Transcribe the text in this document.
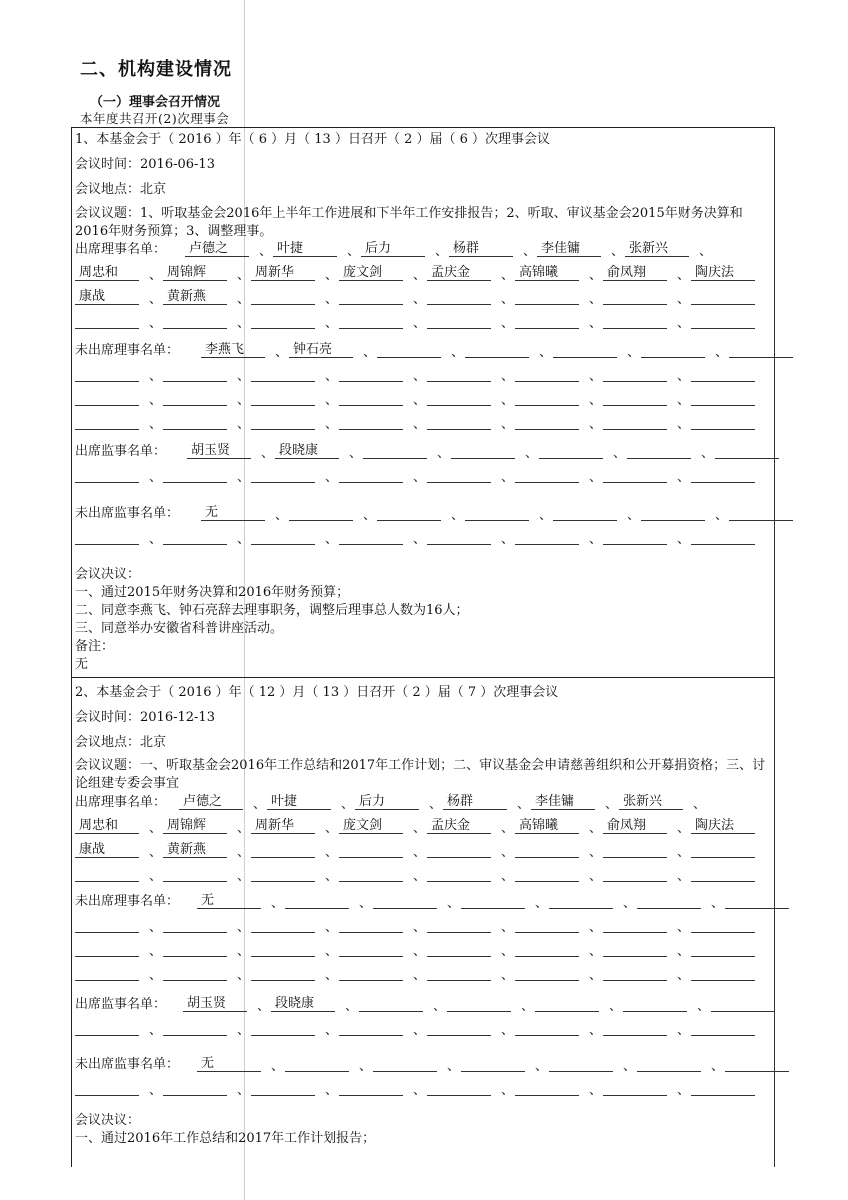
二、机构建设情况
（一）理事会召开情况
本年度共召开(2)次理事会
1、本基金会于（ 2016 ）年（ 6 ）月（ 13 ）日召开（ 2 ）届（ 6 ）次理事会议
会议时间：2016-06-13
会议地点：北京
会议议题：1、听取基金会2016年上半年工作进展和下半年工作安排报告；2、听取、审议基金会2015年财务决算和2016年财务预算；3、调整理事。
出席理事名单：	卢德之	、 叶捷	、 后力	、 杨群	、 李佳镛	、 张新兴	、
周忠和	、 周锦辉	、 周新华	、 庞文剑	、 孟庆金	、 高锦曦	、 俞凤翔	、 陶庆法
康战	、 黄新燕	、	、	、	、	、	、
、	、	、	、	、	、	、
未出席理事名单：	李燕飞	、 钟石亮	、	、	、	、	、
、	、	、	、	、	、	、
、	、	、	、	、	、	、
、	、	、	、	、	、	、
出席监事名单：	胡玉贤	、 段晓康	、	、	、	、	、
、	、	、	、	、	、	、
未出席监事名单：	无	、	、	、	、	、	、
、	、	、	、	、	、	、
会议决议：
一、通过2015年财务决算和2016年财务预算；
二、同意李燕飞、钟石亮辞去理事职务，调整后理事总人数为16人；
三、同意举办安徽省科普讲座活动。
备注：
无
2、本基金会于（ 2016 ）年（ 12 ）月（ 13 ）日召开（ 2 ）届（ 7 ）次理事会议
会议时间：2016-12-13
会议地点：北京
会议议题：一、听取基金会2016年工作总结和2017年工作计划；二、审议基金会申请慈善组织和公开募捐资格；三、讨论组建专委会事宜
出席理事名单：	卢德之	、 叶捷	、 后力	、 杨群	、 李佳镛	、 张新兴	、
周忠和	、 周锦辉	、 周新华	、 庞文剑	、 孟庆金	、 高锦曦	、 俞凤翔	、 陶庆法
康战	、 黄新燕	、	、	、	、	、	、
、	、	、	、	、	、	、
未出席理事名单：	无	、	、	、	、	、	、
、	、	、	、	、	、	、
、	、	、	、	、	、	、
、	、	、	、	、	、	、
出席监事名单：	胡玉贤	、 段晓康	、	、	、	、	、
、	、	、	、	、	、	、
未出席监事名单：	无	、	、	、	、	、	、
、	、	、	、	、	、	、
会议决议：
一、通过2016年工作总结和2017年工作计划报告；
